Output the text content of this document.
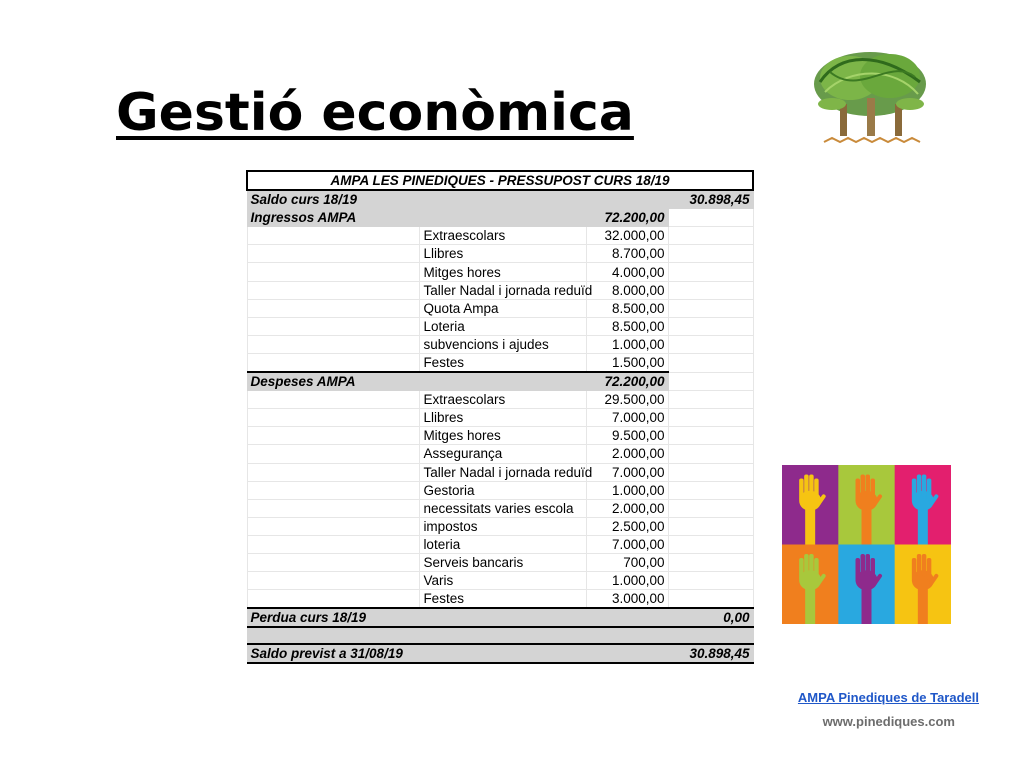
Gestió econòmica
AMPA LES PINEDIQUES - PRESSUPOST CURS 18/19				
Saldo curs 18/19				30.898,45
Ingressos AMPA			72.200,00	
	Extraescolars		32.000,00	
	Llibres		8.700,00	
	Mitges hores		4.000,00	
	Taller Nadal i jornada reduïd		8.000,00	
	Quota Ampa		8.500,00	
	Loteria		8.500,00	
	subvencions i ajudes		1.000,00	
	Festes		1.500,00	
Despeses AMPA			72.200,00	
	Extraescolars		29.500,00	
	Llibres		7.000,00	
	Mitges hores		9.500,00	
	Assegurança		2.000,00	
	Taller Nadal i jornada reduïd		7.000,00	
	Gestoria		1.000,00	
	necessitats varies escola		2.000,00	
	impostos		2.500,00	
	loteria		7.000,00	
	Serveis bancaris		700,00	
	Varis		1.000,00	
	Festes		3.000,00	
Perdua curs 18/19				0,00

Saldo previst a 31/08/19				30.898,45
AMPA Pinediques de Taradell
www.pinediques.com
